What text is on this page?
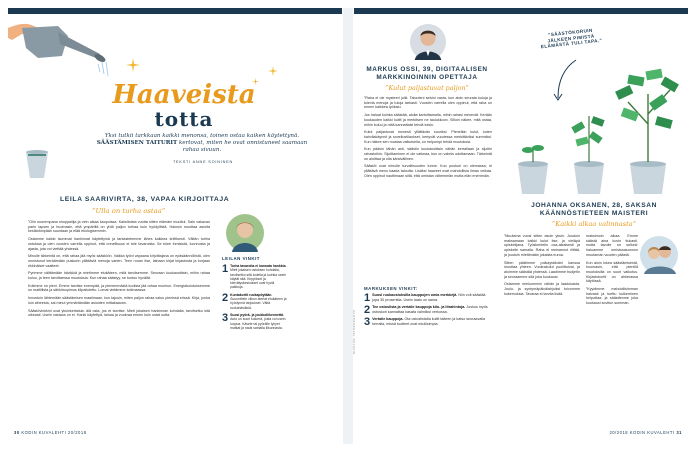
Haaveista
totta
Yksi tutkii tarkkaan kaikki menonsa, toinen ostaa kaiken käytettynä. SÄÄSTÄMISEN TAITURIT kertovat, miten he ovat onnistuneet saamaan rahaa sivuun.
TEKSTI ANNE SOININEN
LEILA SAARIVIRTA, 38, VAPAA KIRJOITTAJA
”Ulla on turha ostaa”

”Olin nuorempana shoppailija ja vein aikaa kaupoissa. Kaksitoista vuotta sitten elämäni muuttui. Sain vakavan parin lapsen ja huomasin, että ympärillä on yhtä paljon turhaa kuin hyödyllistä. Halusin muuttaa asioita kestävämpään suuntaan ja elää ekologisemmin.

Ostamme kaikki isommat hankinnat käytettyinä ja tarkastelemme lähes kaikkea kriittisesti. Vältän turhia ostoksia ja olen vuosien varrella oppinut, että onnellisuus ei tule tavaroista. Se tulee ihmisistä, luonnosta ja ajasta, jota voi viettää yhdessä.

Minulle tärkeintä on, että rahaa jää myös säästöön. Vaikka työni vapaana kirjoittajana on epäsäännöllistä, olen onnistunut keräämään puskurin yllättäviä menoja varten. Teen ruuan itse, lainaan kirjat kirjastosta ja korjaan rikkinäiset vaatteet.

Pyrimme välttämään hävikkiä ja mietimme etukäteen, mitä tarvitsemme. Seuraan kuukausittain, mihin rahaa kuluu, ja teen tarvittaessa muutoksia. Kun rahaa säästyy, se tuntuu hyvältä.

Kotimme on pieni. Emme tarvitse enempää, ja pienemmästä kodista jää rahaa muuhun. Energiakulutuksemme on maltillista ja sähkösopimus kilpailutettu. Lomat vietämme kotimaassa.

Innostuin lähtemään säästämisen maailmaan, kun tajusin, miten paljon rahaa valuu pienissä erissä. Kirja, jonka luin aiheesta, sai minut ymmärtämään asioiden mittakaavan.

Säästövinkkini ovat yksinkertaisia: älä osta, jos et tarvitse. Mieti jokaisen hankinnan kohdalla, tarvitsetko sitä oikeasti. Usein vastaus on ei. Hanki käytettyä, lainaa ja vuokraa ennen kuin ostat uutta.

LEILAN VINKIT
1 Turha tavaroita ei kannata hankkia. Mieti jokaisen ostoksen kohdalla, tarvitsetko sitä todella ja kuinka usein käytät sitä. Kirppikset ja kierrätyskeskukset ovat hyviä paikkoja.
2 Kuntakortit ruokapöytään. Suunnittele viikon ateriat etukäteen ja hyödynnä tarjoukset. Vältä ruokahävikkiä.
3 Suosi pyörä- ja joukkoliikennettä. Auto on suuri kuluerä, josta voi usein luopua. Kävele tai pyöräile lyhyet matkat ja nauti samalla liikunnasta.
30 KODIN KUVALEHTI 20/2018
MARKUS OSSI, 39, DIGITAALISEN MARKKINOINNIN OPETTAJA
”Kulut paljastuvat paljon”

”Raha ei ole mysteeri julki. Talouteni selvisi vasta, kun aloin seurata kuluja ja tulevia menoja ja tuloja tarkasti. Vuosien varrella olen oppinut, että raha on ennen kaikkea työkalu.

Jos haluat kuinka säästää, aloita kartoittamalla, mihin rahasi menevät. Kerään kuukauden kaikki kuitit ja merkitsen ne taulukkoon. Silloin näkee, mitä ostaa, mihin kuluu ja mitä kannattaisi tehdä toisin.

Kulut paljastuvat monesti yllättävän suuriksi. Pienetkin kulut, kuten kahvilakäynnit ja sovellustilaukset, kertyvät vuodessa merkittäviksi summiksi. Kun näkee sen mustaa valkoisella, on helpompi tehdä muutoksia.

Kun pääsin tähän asti, säästin kuukausittain vähän kerrallaan ja sijoitin rahastoihin. Sijoittaminen ei ole vaikeaa, kun on valmis odottamaan. Tärkeintä on aloittaa ja olla kärsivällinen.

Säästöt ovat minulle turvallisuuden tunne. Kun puskuri on olemassa, ei yllättävä meno kaada taloutta. Lisäksi haaveet ovat mahdollisia ilman velkaa. Olen oppinut nauttimaan siitä, että omistan vähemmän mutta elän enemmän.

MARKUKSEN VINKIT:
1 Suosi ruokaostoksilla kauppojen omia merkkejä. Niin voit säästää jopa 30 prosenttia. Usein laatu on sama.
2 Tee ostoslista ja vertaile kauppoja kilo- ja litrahintoja. Joskus myös ostoskori kannattaa kasata valmiiksi verkossa.
3 Vertaile kauppoja. Ota ostoslistalta kuitit talteen ja katso seuraavalla kerralla, missä tuotteet ovat edullisimpia.
KUVITUS: ISTOCKPHOTO
”SÄÄSTÖKORUIN JÄLKEEN PIMISTÄ ELÄMÄSTÄ TULI TAPA.”
JOHANNA OKSANEN, 28, SAKSAN KÄÄNNÖSTIETEEN MAISTERI
”Kaikki alkaa valinnasta”

”Muutama vuosi sitten asuin yksin. Jouduin maksamaan kaikki kulut itse, ja vieläpä opiskelijana. Työskentelin osa-aikaisesti ja opiskelin samalla. Raha ei meinannut riittää, ja jouduin miettimään jokaista euroa.

Sitten päätimme poikaystäväni kanssa muuttaa yhteen. Vuokrakulut puolittuivat, ja aloimme säästää yhdessä. Laadimme budjetin ja seuraamme sitä joka kuukausi.

Ostamme mieluummin vähän ja laadukasta. Joulu- ja syntymäpäivälahjoiksi toivomme kokemuksia. Tavaraa ei tarvita lisää.

maksimoin aikaa. Emme säästä aina kovin tiukasti, mutta tavoite on selkeä: haluamme omistusasunnon muutaman vuoden päästä.

Kun aloin lukea säästämisestä, huomasin, että pienillä muutoksilla on suuri vaikutus. Kirjastokortti on ahkerassa käytössä.

”Kyydimme mahdollisimman halvasti ja tuettu kulkeminen helpottaa, ja säästämme joka kuukausi sovitun summan.

20/2018 KODIN KUVALEHTI 31
